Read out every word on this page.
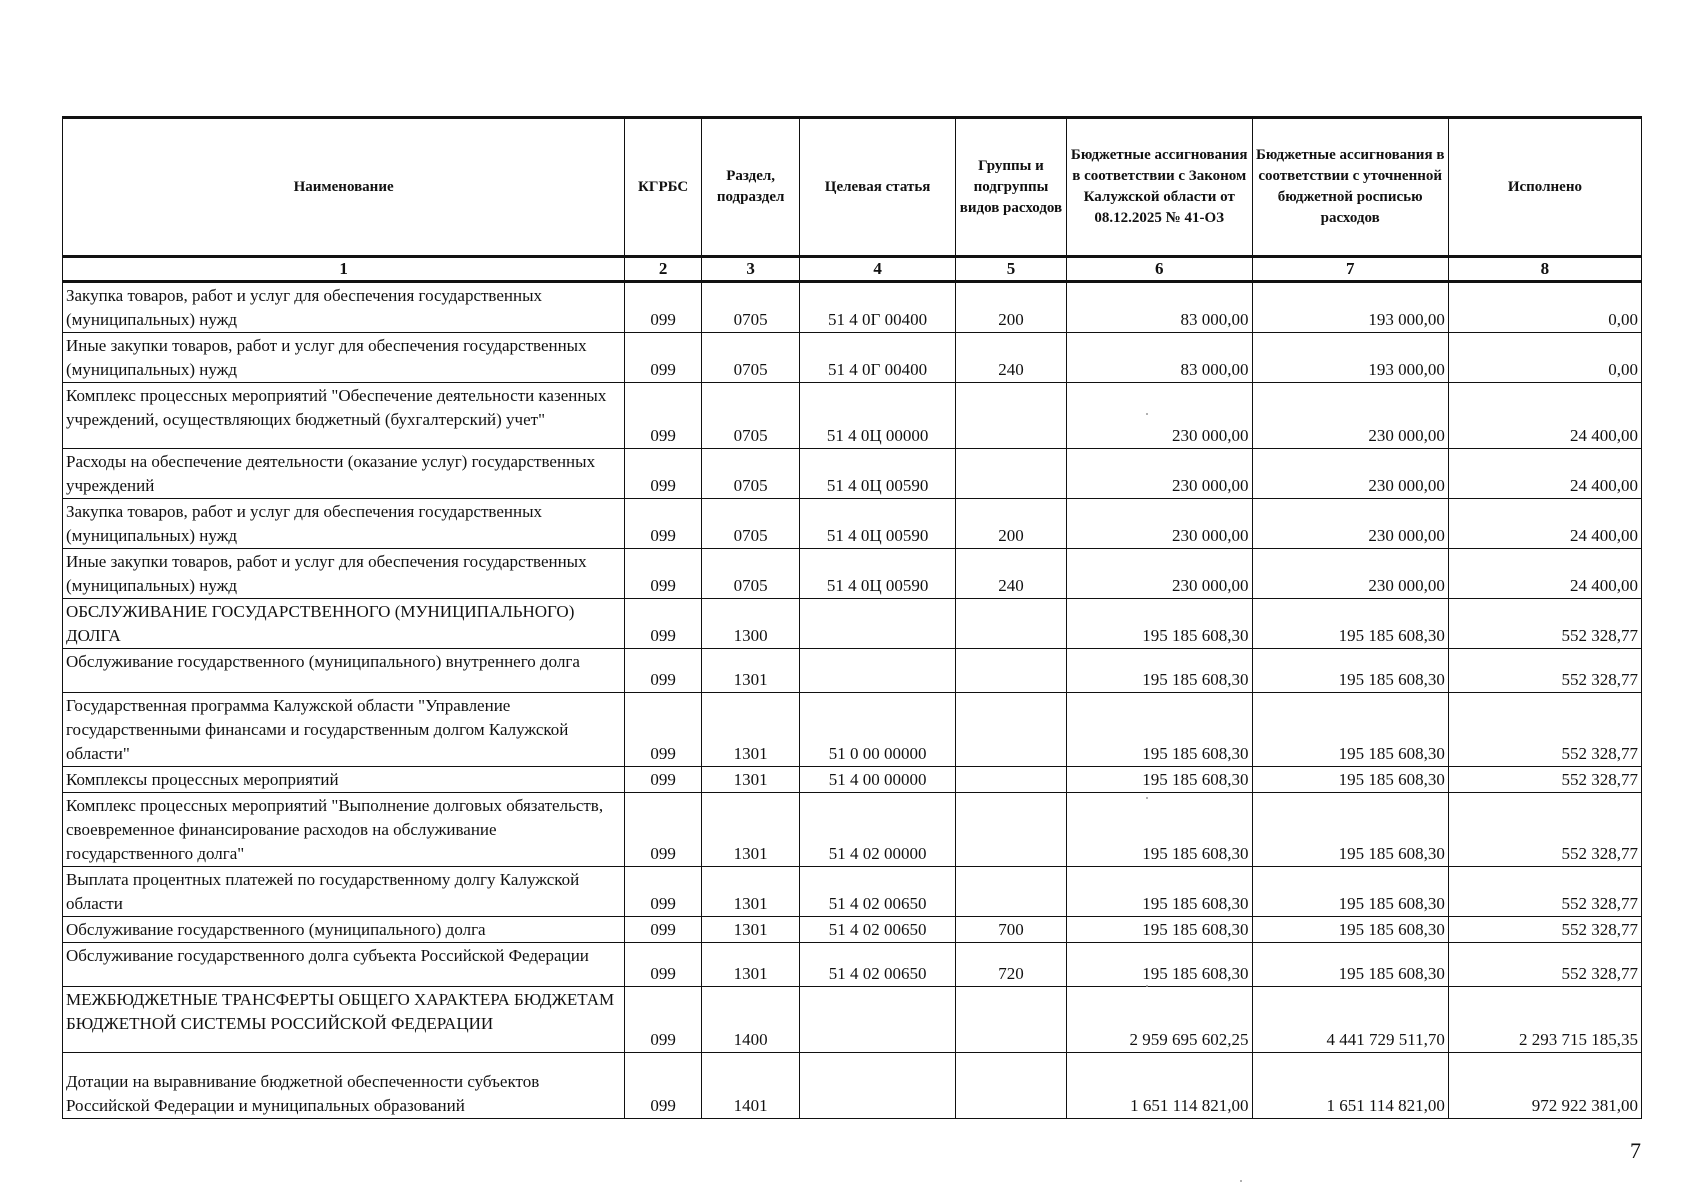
Наименование	КГРБС	Раздел, подраздел	Целевая статья	Группы и подгруппы видов расходов	Бюджетные ассигнования в соответствии с Законом Калужской области от 08.12.2025 № 41-ОЗ	Бюджетные ассигнования в соответствии с уточненной бюджетной росписью расходов	Исполнено
1	2	3	4	5	6	7	8
Закупка товаров, работ и услуг для обеспечения государственных (муниципальных) нужд	099	0705	51 4 0Г 00400	200	83 000,00	193 000,00	0,00
Иные закупки товаров, работ и услуг для обеспечения государственных (муниципальных) нужд	099	0705	51 4 0Г 00400	240	83 000,00	193 000,00	0,00
Комплекс процессных мероприятий "Обеспечение деятельности казенных учреждений, осуществляющих бюджетный (бухгалтерский) учет"	099	0705	51 4 0Ц 00000		230 000,00	230 000,00	24 400,00
Расходы на обеспечение деятельности (оказание услуг) государственных учреждений	099	0705	51 4 0Ц 00590		230 000,00	230 000,00	24 400,00
Закупка товаров, работ и услуг для обеспечения государственных (муниципальных) нужд	099	0705	51 4 0Ц 00590	200	230 000,00	230 000,00	24 400,00
Иные закупки товаров, работ и услуг для обеспечения государственных (муниципальных) нужд	099	0705	51 4 0Ц 00590	240	230 000,00	230 000,00	24 400,00
ОБСЛУЖИВАНИЕ ГОСУДАРСТВЕННОГО (МУНИЦИПАЛЬНОГО) ДОЛГА	099	1300			195 185 608,30	195 185 608,30	552 328,77
Обслуживание государственного (муниципального) внутреннего долга	099	1301			195 185 608,30	195 185 608,30	552 328,77
Государственная программа Калужской области "Управление государственными финансами и государственным долгом Калужской области"	099	1301	51 0 00 00000		195 185 608,30	195 185 608,30	552 328,77
Комплексы процессных мероприятий	099	1301	51 4 00 00000		195 185 608,30	195 185 608,30	552 328,77
Комплекс процессных мероприятий "Выполнение долговых обязательств, своевременное финансирование расходов на обслуживание государственного долга"	099	1301	51 4 02 00000		195 185 608,30	195 185 608,30	552 328,77
Выплата процентных платежей по государственному долгу Калужской области	099	1301	51 4 02 00650		195 185 608,30	195 185 608,30	552 328,77
Обслуживание государственного (муниципального) долга	099	1301	51 4 02 00650	700	195 185 608,30	195 185 608,30	552 328,77
Обслуживание государственного долга субъекта Российской Федерации	099	1301	51 4 02 00650	720	195 185 608,30	195 185 608,30	552 328,77
МЕЖБЮДЖЕТНЫЕ ТРАНСФЕРТЫ ОБЩЕГО ХАРАКТЕРА БЮДЖЕТАМ БЮДЖЕТНОЙ СИСТЕМЫ РОССИЙСКОЙ ФЕДЕРАЦИИ	099	1400			2 959 695 602,25	4 441 729 511,70	2 293 715 185,35
Дотации на выравнивание бюджетной обеспеченности субъектов Российской Федерации и муниципальных образований	099	1401			1 651 114 821,00	1 651 114 821,00	972 922 381,00
7
